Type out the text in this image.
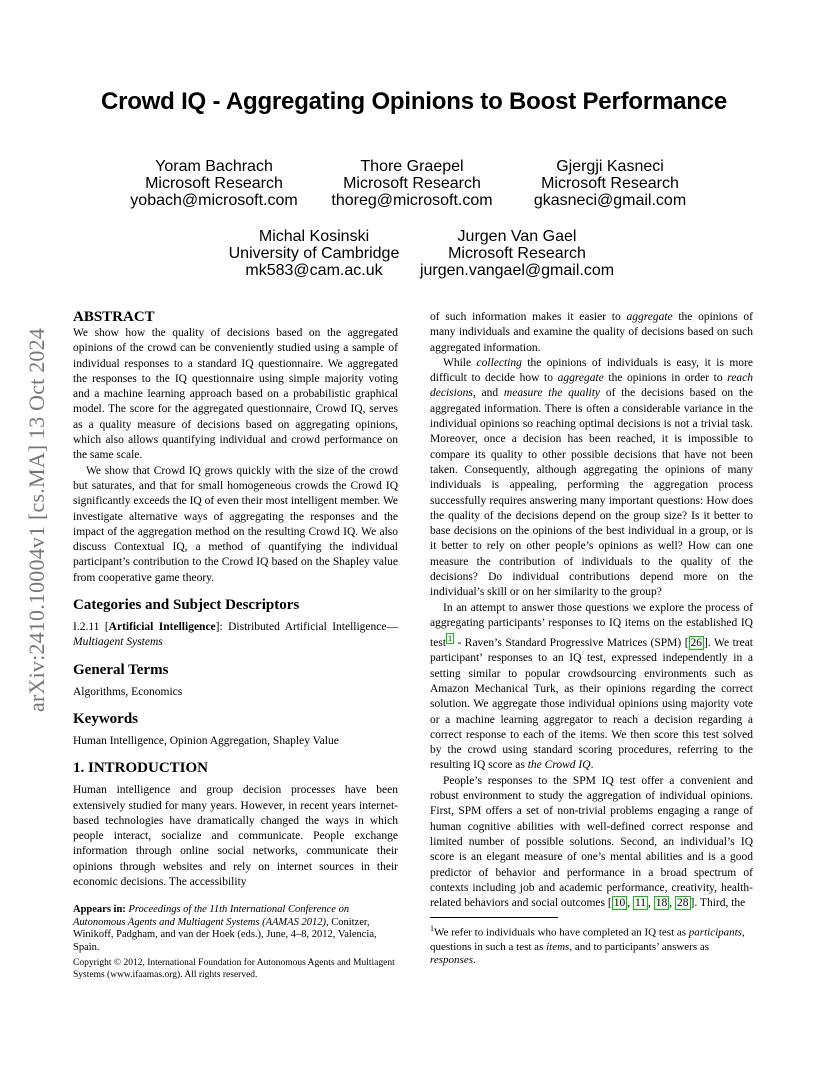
arXiv:2410.10004v1 [cs.MA] 13 Oct 2024
Crowd IQ - Aggregating Opinions to Boost Performance
Yoram Bachrach
Microsoft Research
yobach@microsoft.com
Thore Graepel
Microsoft Research
thoreg@microsoft.com
Gjergji Kasneci
Microsoft Research
gkasneci@gmail.com
Michal Kosinski
University of Cambridge
mk583@cam.ac.uk
Jurgen Van Gael
Microsoft Research
jurgen.vangael@gmail.com
ABSTRACT

We show how the quality of decisions based on the aggregated opinions of the crowd can be conveniently studied using a sample of individual responses to a standard IQ questionnaire. We aggregated the responses to the IQ questionnaire using simple majority voting and a machine learning approach based on a probabilistic graphical model. The score for the aggregated questionnaire, Crowd IQ, serves as a quality measure of decisions based on aggregating opinions, which also allows quantifying individual and crowd performance on the same scale.

We show that Crowd IQ grows quickly with the size of the crowd but saturates, and that for small homogeneous crowds the Crowd IQ significantly exceeds the IQ of even their most intelligent member. We investigate alternative ways of aggregating the responses and the impact of the aggregation method on the resulting Crowd IQ. We also discuss Contextual IQ, a method of quantifying the individual participant’s contribution to the Crowd IQ based on the Shapley value from cooperative game theory.

Categories and Subject Descriptors

I.2.11 [Artificial Intelligence]: Distributed Artificial Intelligence—Multiagent Systems

General Terms

Algorithms, Economics

Keywords

Human Intelligence, Opinion Aggregation, Shapley Value

1. INTRODUCTION

Human intelligence and group decision processes have been extensively studied for many years. However, in recent years internet-based technologies have dramatically changed the ways in which people interact, socialize and communicate. People exchange information through online social networks, communicate their opinions through websites and rely on internet sources in their economic decisions. The accessibility

Appears in: Proceedings of the 11th International Conference on Autonomous Agents and Multiagent Systems (AAMAS 2012), Conitzer, Winikoff, Padgham, and van der Hoek (eds.), June, 4–8, 2012, Valencia, Spain.
Copyright © 2012, International Foundation for Autonomous Agents and Multiagent Systems (www.ifaamas.org). All rights reserved.

of such information makes it easier to aggregate the opinions of many individuals and examine the quality of decisions based on such aggregated information.

While collecting the opinions of individuals is easy, it is more difficult to decide how to aggregate the opinions in order to reach decisions, and measure the quality of the decisions based on the aggregated information. There is often a considerable variance in the individual opinions so reaching optimal decisions is not a trivial task. Moreover, once a decision has been reached, it is impossible to compare its quality to other possible decisions that have not been taken. Consequently, although aggregating the opinions of many individuals is appealing, performing the aggregation process successfully requires answering many important questions: How does the quality of the decisions depend on the group size? Is it better to base decisions on the opinions of the best individual in a group, or is it better to rely on other people’s opinions as well? How can one measure the contribution of individuals to the quality of the decisions? Do individual contributions depend more on the individual’s skill or on her similarity to the group?

In an attempt to answer those questions we explore the process of aggregating participants’ responses to IQ items on the established IQ test $^1$ - Raven’s Standard Progressive Matrices (SPM) [ 26 ]. We treat participant’ responses to an IQ test, expressed independently in a setting similar to popular crowdsourcing environments such as Amazon Mechanical Turk, as their opinions regarding the correct solution. We aggregate those individual opinions using majority vote or a machine learning aggregator to reach a decision regarding a correct response to each of the items. We then score this test solved by the crowd using standard scoring procedures, referring to the resulting IQ score as the Crowd IQ.

People’s responses to the SPM IQ test offer a convenient and robust environment to study the aggregation of individual opinions. First, SPM offers a set of non-trivial problems engaging a range of human cognitive abilities with well-defined correct response and limited number of possible solutions. Second, an individual’s IQ score is an elegant measure of one’s mental abilities and is a good predictor of behavior and performance in a broad spectrum of contexts including job and academic performance, creativity, health-related behaviors and social outcomes [ 10 , 11 , 18 , 28 ]. Third, the

$^1$We refer to individuals who have completed an IQ test as participants, questions in such a test as items, and to participants’ answers as responses.
